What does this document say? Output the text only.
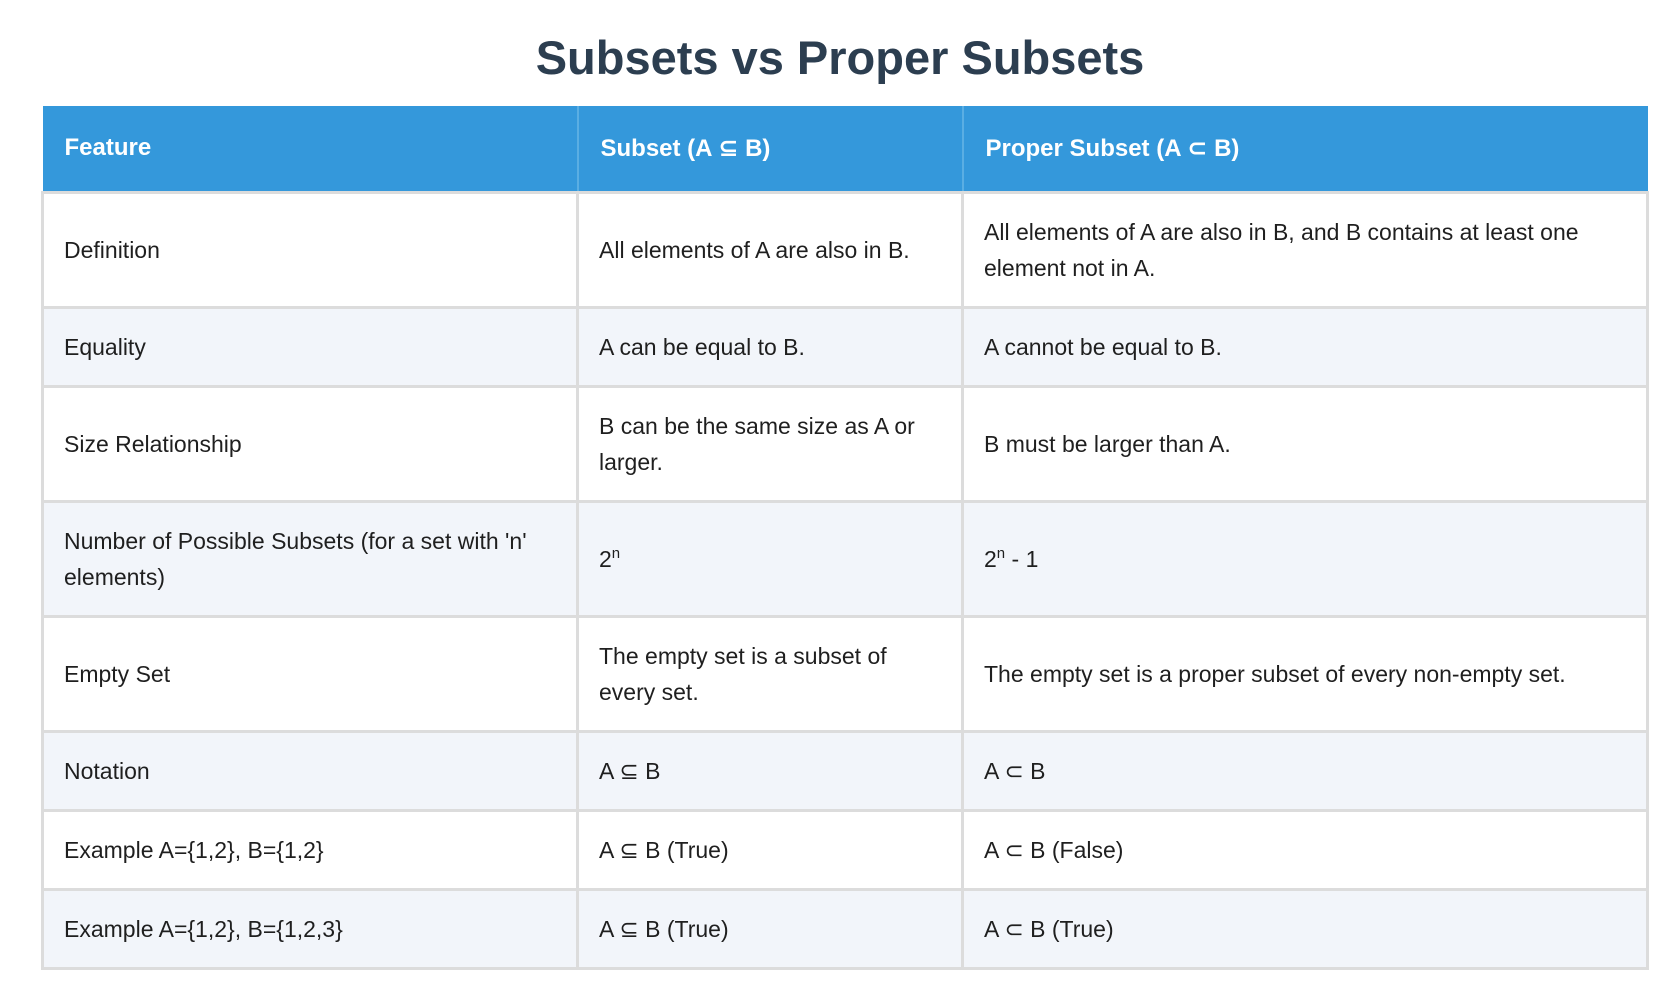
Subsets vs Proper Subsets
Feature	Subset (A ⊆ B)	Proper Subset (A ⊂ B)
Definition	All elements of A are also in B.	All elements of A are also in B, and B contains at least one element not in A.
Equality	A can be equal to B.	A cannot be equal to B.
Size Relationship	B can be the same size as A or larger.	B must be larger than A.
Number of Possible Subsets (for a set with 'n' elements)	2$^n$	2$^n$ - 1
Empty Set	The empty set is a subset of every set.	The empty set is a proper subset of every non-empty set.
Notation	A ⊆ B	A ⊂ B
Example A={1,2}, B={1,2}	A ⊆ B (True)	A ⊂ B (False)
Example A={1,2}, B={1,2,3}	A ⊆ B (True)	A ⊂ B (True)
